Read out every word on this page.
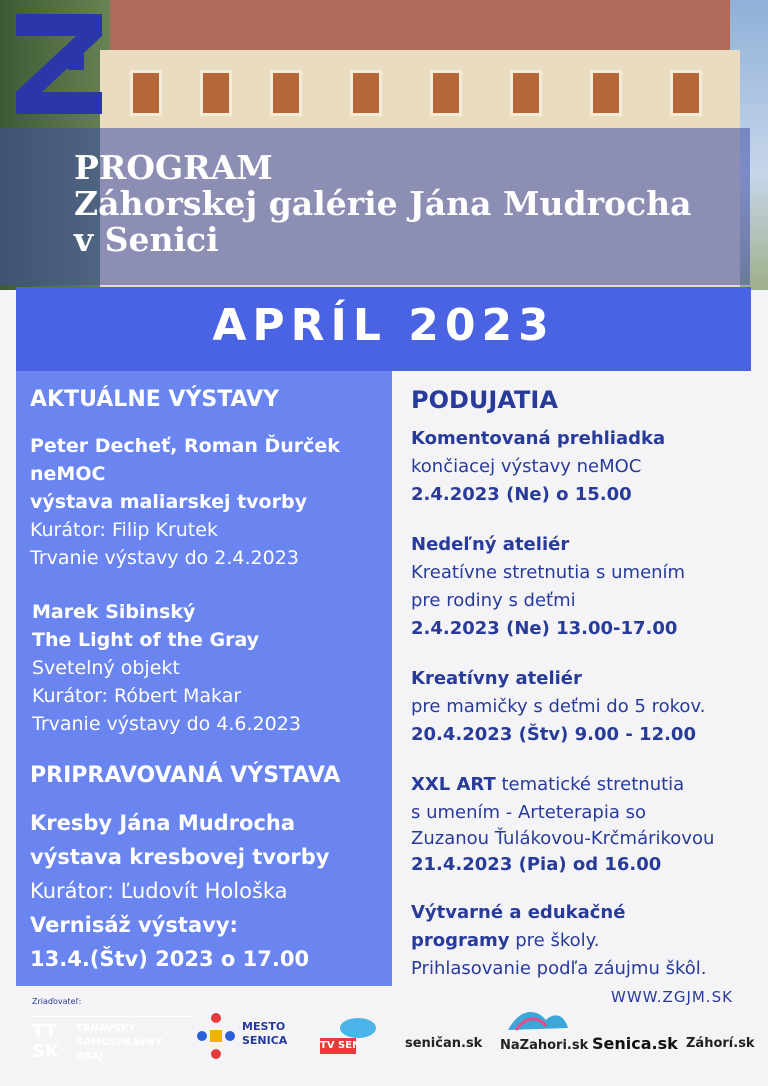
PROGRAM
Záhorskej galérie Jána Mudrocha
v Senici
APRÍL 2023
AKTUÁLNE VÝSTAVY
Peter Decheť, Roman Ďurček
neMOC
výstava maliarskej tvorby
Kurátor: Filip Krutek
Trvanie výstavy do 2.4.2023
Marek Sibinský
The Light of the Gray
Svetelný objekt
Kurátor: Róbert Makar
Trvanie výstavy do 4.6.2023
PRIPRAVOVANÁ VÝSTAVA
Kresby Jána Mudrocha
výstava kresbovej tvorby
Kurátor: Ľudovít Hološka
Vernisáž výstavy:
13.4.(Štv) 2023 o 17.00
PODUJATIA
Komentovaná prehliadka
končiacej výstavy neMOC
2.4.2023 (Ne) o 15.00
Nedeľný ateliér
Kreatívne stretnutia s umením
pre rodiny s deťmi
2.4.2023 (Ne) 13.00-17.00
Kreatívny ateliér
pre mamičky s deťmi do 5 rokov.
20.4.2023 (Štv) 9.00 - 12.00
XXL ART tematické stretnutia
s umením - Arteterapia so
Zuzanou Ťulákovou-Krčmárikovou
21.4.2023 (Pia) od 16.00
Výtvarné a edukačné
programy pre školy.
Prihlasovanie podľa záujmu škôl.
WWW.ZGJM.SK
Zriaďovateľ:
TT SK
TRNAVSKÝ
SAMOSPRÁVNY
KRAJ
MESTO
SENICA	TV SEN	seničan.sk NaZahori.sk Senica.sk Záhorí.sk
